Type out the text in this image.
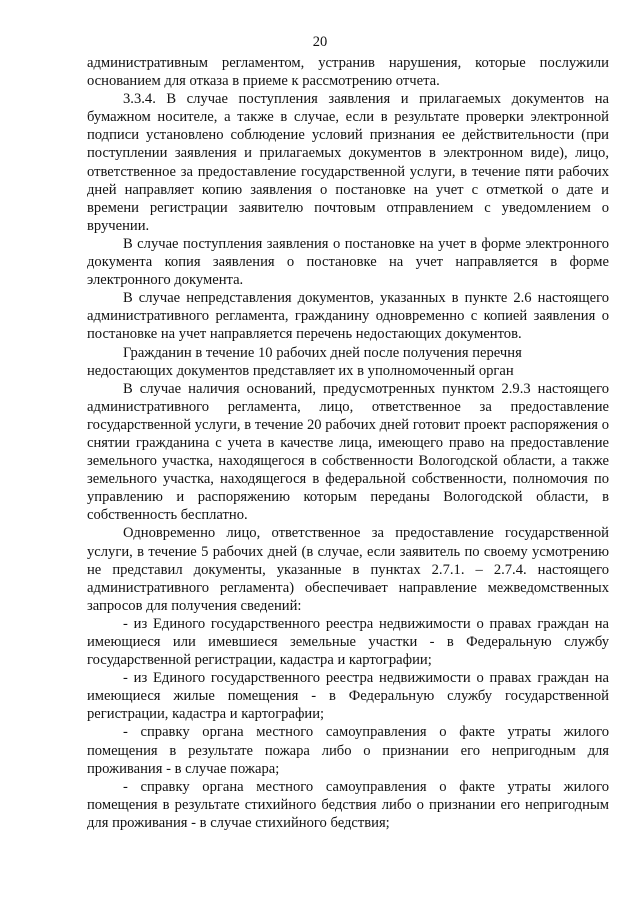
20

административным регламентом, устранив нарушения, которые послужили основанием для отказа в приеме к рассмотрению отчета.

3.3.4. В случае поступления заявления и прилагаемых документов на бумажном носителе, а также в случае, если в результате проверки электронной подписи установлено соблюдение условий признания ее действительности (при поступлении заявления и прилагаемых документов в электронном виде), лицо, ответственное за предоставление государственной услуги, в течение пяти рабочих дней направляет копию заявления о постановке на учет с отметкой о дате и времени регистрации заявителю почтовым отправлением с уведомлением о вручении.

В случае поступления заявления о постановке на учет в форме электронного документа копия заявления о постановке на учет направляется в форме электронного документа.

В случае непредставления документов, указанных в пункте 2.6 настоящего административного регламента, гражданину одновременно с копией заявления о постановке на учет направляется перечень недостающих документов.

Гражданин в течение 10 рабочих дней после получения перечня недостающих документов представляет их в уполномоченный орган

В случае наличия оснований, предусмотренных пунктом 2.9.3 настоящего административного регламента, лицо, ответственное за предоставление государственной услуги, в течение 20 рабочих дней готовит проект распоряжения о снятии гражданина с учета в качестве лица, имеющего право на предоставление земельного участка, находящегося в собственности Вологодской области, а также земельного участка, находящегося в федеральной собственности, полномочия по управлению и распоряжению которым переданы Вологодской области, в собственность бесплатно.

Одновременно лицо, ответственное за предоставление государственной услуги, в течение 5 рабочих дней (в случае, если заявитель по своему усмотрению не представил документы, указанные в пунктах 2.7.1. – 2.7.4. настоящего административного регламента) обеспечивает направление межведомственных запросов для получения сведений:

- из Единого государственного реестра недвижимости о правах граждан на имеющиеся или имевшиеся земельные участки - в Федеральную службу государственной регистрации, кадастра и картографии;

- из Единого государственного реестра недвижимости о правах граждан на имеющиеся жилые помещения - в Федеральную службу государственной регистрации, кадастра и картографии;

- справку органа местного самоуправления о факте утраты жилого помещения в результате пожара либо о признании его непригодным для проживания - в случае пожара;

- справку органа местного самоуправления о факте утраты жилого помещения в результате стихийного бедствия либо о признании его непригодным для проживания - в случае стихийного бедствия;
